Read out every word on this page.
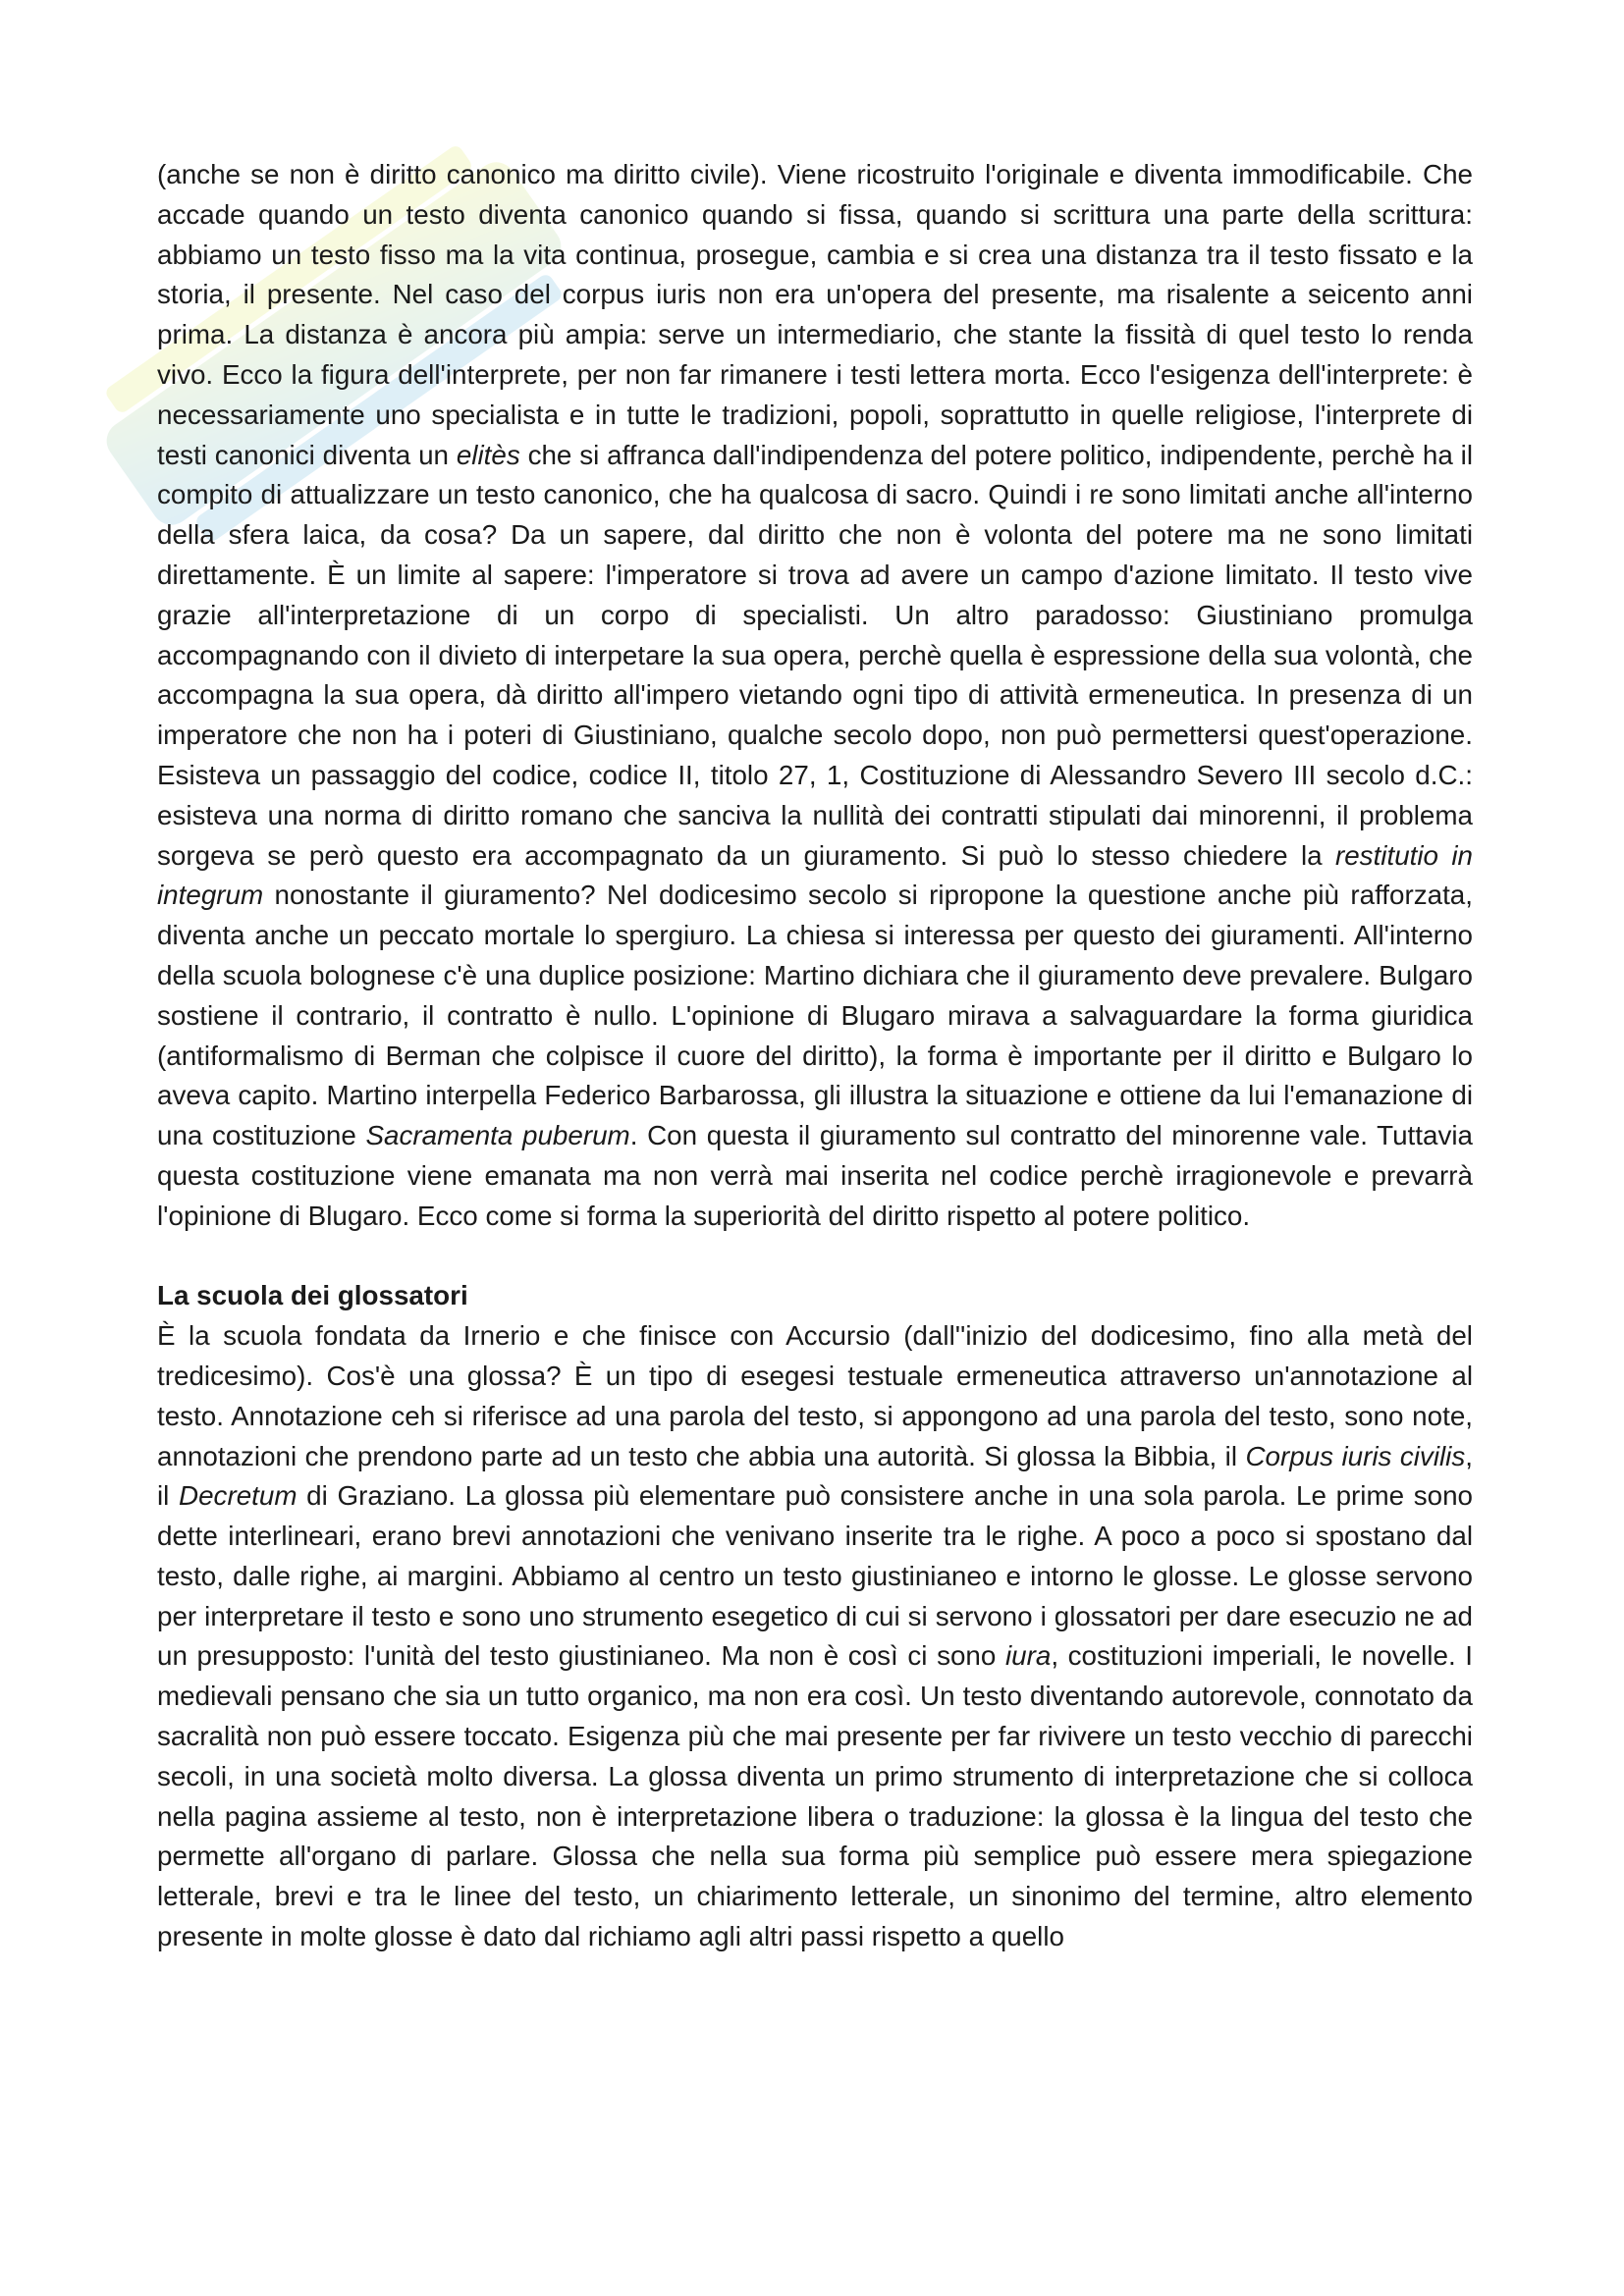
(anche se non è diritto canonico ma diritto civile). Viene ricostruito l'originale e diventa immodificabile. Che accade quando un testo diventa canonico quando si fissa, quando si scrittura una parte della scrittura: abbiamo un testo fisso ma la vita continua, prosegue, cambia e si crea una distanza tra il testo fissato e la storia, il presente. Nel caso del corpus iuris non era un'opera del presente, ma risalente a seicento anni prima. La distanza è ancora più ampia: serve un intermediario, che stante la fissità di quel testo lo renda vivo. Ecco la figura dell'interprete, per non far rimanere i testi lettera morta. Ecco l'esigenza dell'interprete: è necessariamente uno specialista e in tutte le tradizioni, popoli, soprattutto in quelle religiose, l'interprete di testi canonici diventa un elitès che si affranca dall'indipendenza del potere politico, indipendente, perchè ha il compito di attualizzare un testo canonico, che ha qualcosa di sacro. Quindi i re sono limitati anche all'interno della sfera laica, da cosa? Da un sapere, dal diritto che non è volonta del potere ma ne sono limitati direttamente. È un limite al sapere: l'imperatore si trova ad avere un campo d'azione limitato. Il testo vive grazie all'interpretazione di un corpo di specialisti. Un altro paradosso: Giustiniano promulga accompagnando con il divieto di interpetare la sua opera, perchè quella è espressione della sua volontà, che accompagna la sua opera, dà diritto all'impero vietando ogni tipo di attività ermeneutica. In presenza di un imperatore che non ha i poteri di Giustiniano, qualche secolo dopo, non può permettersi quest'operazione. Esisteva un passaggio del codice, codice II, titolo 27, 1, Costituzione di Alessandro Severo III secolo d.C.: esisteva una norma di diritto romano che sanciva la nullità dei contratti stipulati dai minorenni, il problema sorgeva se però questo era accompagnato da un giuramento. Si può lo stesso chiedere la restitutio in integrum nonostante il giuramento? Nel dodicesimo secolo si ripropone la questione anche più rafforzata, diventa anche un peccato mortale lo spergiuro. La chiesa si interessa per questo dei giuramenti. All'interno della scuola bolognese c'è una duplice posizione: Martino dichiara che il giuramento deve prevalere. Bulgaro sostiene il contrario, il contratto è nullo. L'opinione di Blugaro mirava a salvaguardare la forma giuridica (antiformalismo di Berman che colpisce il cuore del diritto), la forma è importante per il diritto e Bulgaro lo aveva capito. Martino interpella Federico Barbarossa, gli illustra la situazione e ottiene da lui l'emanazione di una costituzione Sacramenta puberum. Con questa il giuramento sul contratto del minorenne vale. Tuttavia questa costituzione viene emanata ma non verrà mai inserita nel codice perchè irragionevole e prevarrà l'opinione di Blugaro. Ecco come si forma la superiorità del diritto rispetto al potere politico.

La scuola dei glossatori

È la scuola fondata da Irnerio e che finisce con Accursio (dall''inizio del dodicesimo, fino alla metà del tredicesimo). Cos'è una glossa? È un tipo di esegesi testuale ermeneutica attraverso un'annotazione al testo. Annotazione ceh si riferisce ad una parola del testo, si appongono ad una parola del testo, sono note, annotazioni che prendono parte ad un testo che abbia una autorità. Si glossa la Bibbia, il Corpus iuris civilis, il Decretum di Graziano. La glossa più elementare può consistere anche in una sola parola. Le prime sono dette interlineari, erano brevi annotazioni che venivano inserite tra le righe. A poco a poco si spostano dal testo, dalle righe, ai margini. Abbiamo al centro un testo giustinianeo e intorno le glosse. Le glosse servono per interpretare il testo e sono uno strumento esegetico di cui si servono i glossatori per dare esecuzio ne ad un presupposto: l'unità del testo giustinianeo. Ma non è così ci sono iura, costituzioni imperiali, le novelle. I medievali pensano che sia un tutto organico, ma non era così. Un testo diventando autorevole, connotato da sacralità non può essere toccato. Esigenza più che mai presente per far rivivere un testo vecchio di parecchi secoli, in una società molto diversa. La glossa diventa un primo strumento di interpretazione che si colloca nella pagina assieme al testo, non è interpretazione libera o traduzione: la glossa è la lingua del testo che permette all'organo di parlare. Glossa che nella sua forma più semplice può essere mera spiegazione letterale, brevi e tra le linee del testo, un chiarimento letterale, un sinonimo del termine, altro elemento presente in molte glosse è dato dal richiamo agli altri passi rispetto a quello
